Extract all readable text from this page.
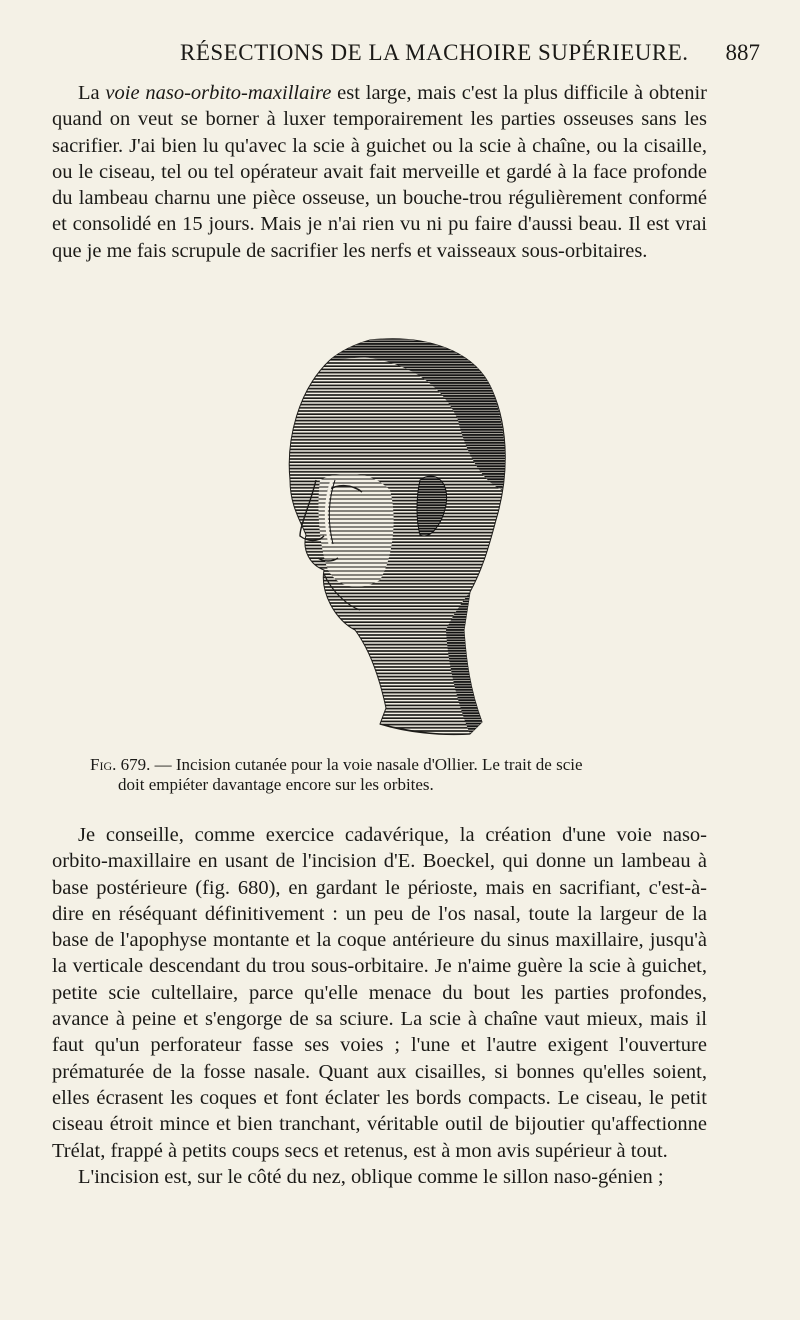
RÉSECTIONS DE LA MACHOIRE SUPÉRIEURE. 887

La voie naso-orbito-maxillaire est large, mais c'est la plus difficile à obtenir quand on veut se borner à luxer temporairement les parties osseuses sans les sacrifier. J'ai bien lu qu'avec la scie à guichet ou la scie à chaîne, ou la cisaille, ou le ciseau, tel ou tel opérateur avait fait merveille et gardé à la face profonde du lambeau charnu une pièce osseuse, un bouche-trou régulièrement conformé et consolidé en 15 jours. Mais je n'ai rien vu ni pu faire d'aussi beau. Il est vrai que je me fais scrupule de sacrifier les nerfs et vaisseaux sous-orbitaires.

Fig. 679. — Incision cutanée pour la voie nasale d'Ollier. Le trait de scie
doit empiéter davantage encore sur les orbites.

Je conseille, comme exercice cadavérique, la création d'une voie naso-orbito-maxillaire en usant de l'incision d'E. Boeckel, qui donne un lambeau à base postérieure (fig. 680), en gardant le périoste, mais en sacrifiant, c'est-à-dire en réséquant définitivement : un peu de l'os nasal, toute la largeur de la base de l'apophyse montante et la coque antérieure du sinus maxillaire, jusqu'à la verticale descendant du trou sous-orbitaire. Je n'aime guère la scie à guichet, petite scie cultellaire, parce qu'elle menace du bout les parties profondes, avance à peine et s'engorge de sa sciure. La scie à chaîne vaut mieux, mais il faut qu'un perforateur fasse ses voies ; l'une et l'autre exigent l'ouverture prématurée de la fosse nasale. Quant aux cisailles, si bonnes qu'elles soient, elles écrasent les coques et font éclater les bords compacts. Le ciseau, le petit ciseau étroit mince et bien tranchant, véritable outil de bijoutier qu'affectionne Trélat, frappé à petits coups secs et retenus, est à mon avis supérieur à tout.

L'incision est, sur le côté du nez, oblique comme le sillon naso-génien ;
